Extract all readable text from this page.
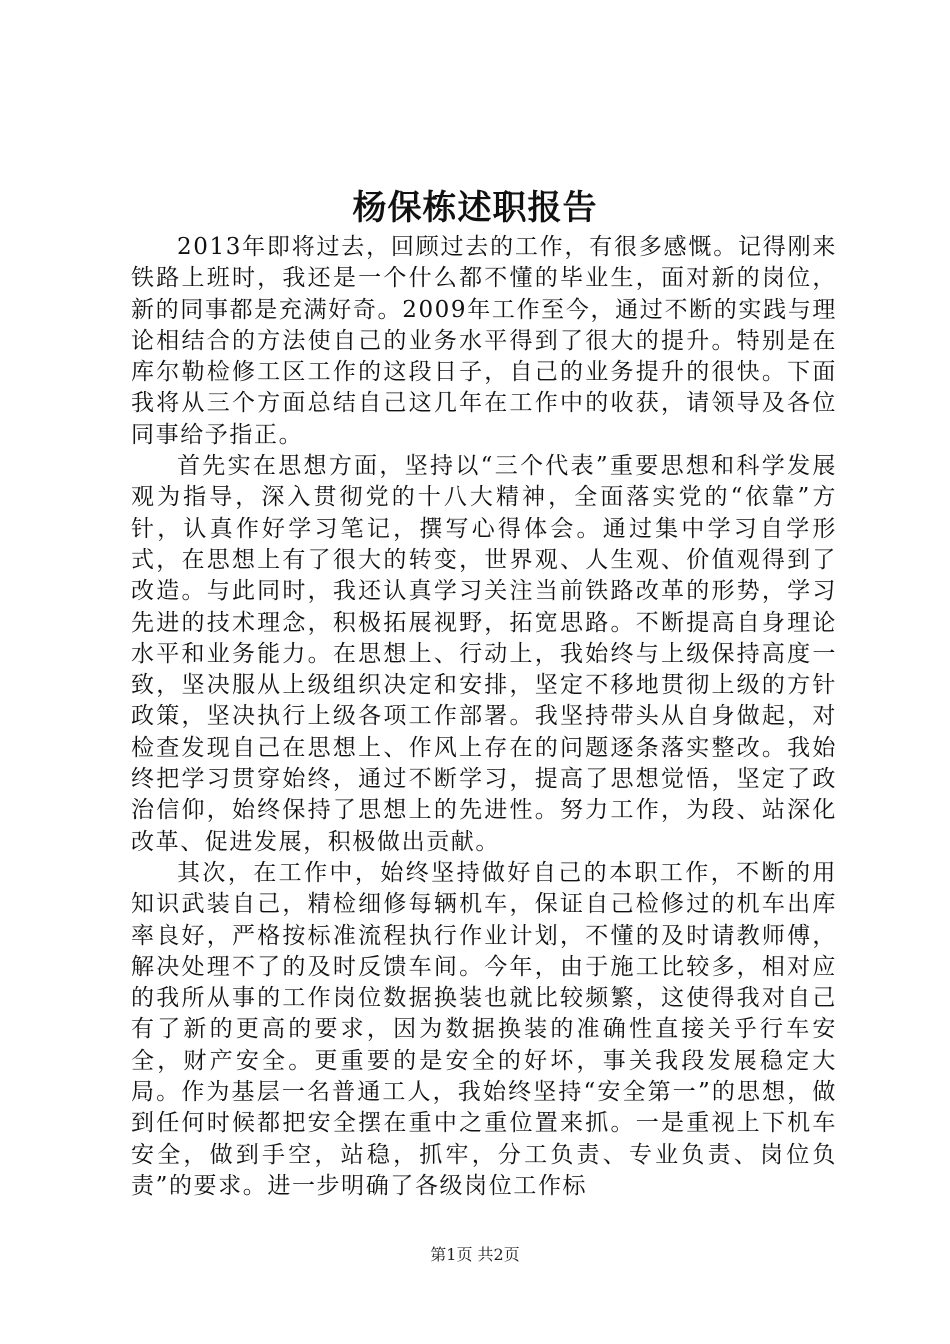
杨保栋述职报告

2013年即将过去，回顾过去的工作，有很多感慨。记得刚来铁路上班时，我还是一个什么都不懂的毕业生，面对新的岗位，新的同事都是充满好奇。2009年工作至今，通过不断的实践与理论相结合的方法使自己的业务水平得到了很大的提升。特别是在库尔勒检修工区工作的这段日子，自己的业务提升的很快。下面我将从三个方面总结自己这几年在工作中的收获，请领导及各位同事给予指正。

首先实在思想方面，坚持以“三个代表”重要思想和科学发展观为指导，深入贯彻党的十八大精神，全面落实党的“依靠”方针，认真作好学习笔记，撰写心得体会。通过集中学习自学形式，在思想上有了很大的转变，世界观、人生观、价值观得到了改造。与此同时，我还认真学习关注当前铁路改革的形势，学习先进的技术理念，积极拓展视野，拓宽思路。不断提高自身理论水平和业务能力。在思想上、行动上，我始终与上级保持高度一致，坚决服从上级组织决定和安排，坚定不移地贯彻上级的方针政策，坚决执行上级各项工作部署。我坚持带头从自身做起，对检查发现自己在思想上、作风上存在的问题逐条落实整改。我始终把学习贯穿始终，通过不断学习，提高了思想觉悟，坚定了政治信仰，始终保持了思想上的先进性。努力工作，为段、站深化改革、促进发展，积极做出贡献。

其次，在工作中，始终坚持做好自己的本职工作，不断的用知识武装自己，精检细修每辆机车，保证自己检修过的机车出库率良好，严格按标准流程执行作业计划，不懂的及时请教师傅，解决处理不了的及时反馈车间。今年，由于施工比较多，相对应的我所从事的工作岗位数据换装也就比较频繁，这使得我对自己有了新的更高的要求，因为数据换装的准确性直接关乎行车安全，财产安全。更重要的是安全的好坏，事关我段发展稳定大局。作为基层一名普通工人，我始终坚持“安全第一”的思想，做到任何时候都把安全摆在重中之重位置来抓。一是重视上下机车安全，做到手空，站稳，抓牢，分工负责、专业负责、岗位负责”的要求。进一步明确了各级岗位工作标

第1页 共2页
